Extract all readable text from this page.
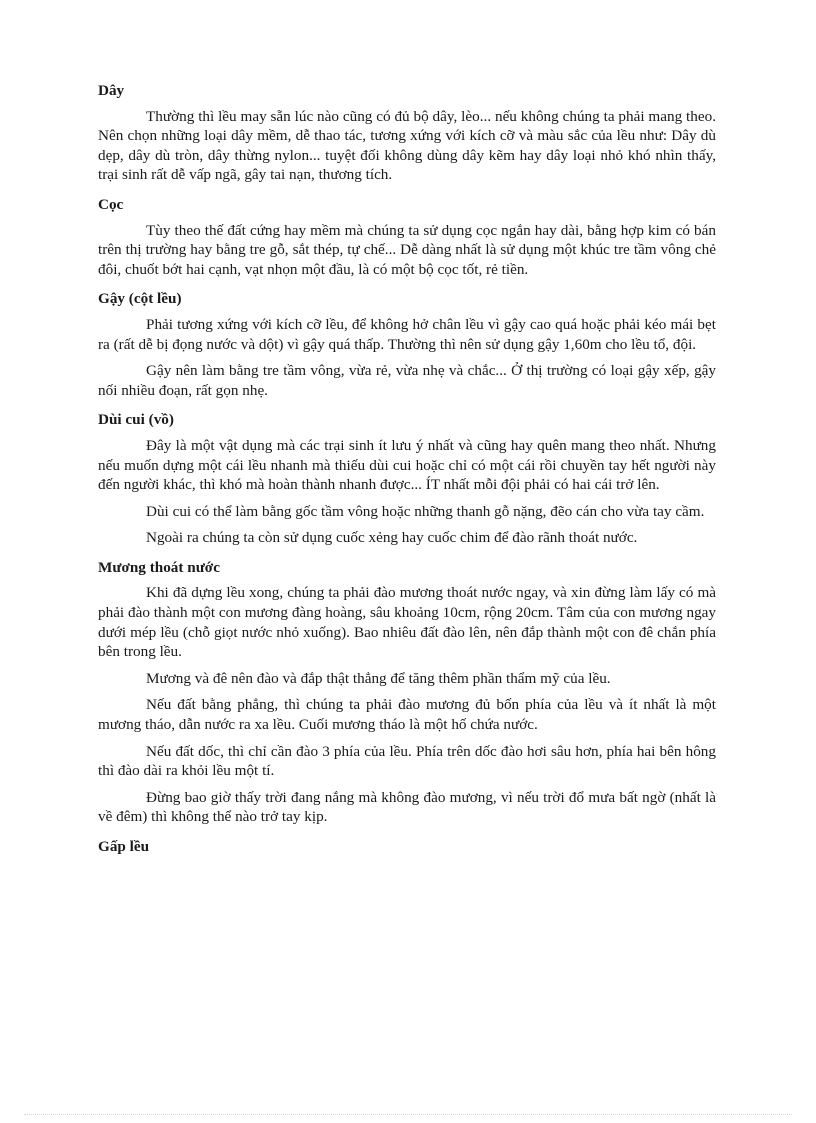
Dây

Thường thì lều may sẵn lúc nào cũng có đủ bộ dây, lèo... nếu không chúng ta phải mang theo. Nên chọn những loại dây mềm, dễ thao tác, tương xứng với kích cỡ và màu sắc của lều như: Dây dù dẹp, dây dù tròn, dây thừng nylon... tuyệt đối không dùng dây kẽm hay dây loại nhỏ khó nhìn thấy, trại sinh rất dễ vấp ngã, gây tai nạn, thương tích.

Cọc

Tùy theo thế đất cứng hay mềm mà chúng ta sử dụng cọc ngắn hay dài, bằng hợp kim có bán trên thị trường hay bằng tre gỗ, sắt thép, tự chế... Dễ dàng nhất là sử dụng một khúc tre tầm vông chẻ đôi, chuốt bớt hai cạnh, vạt nhọn một đầu, là có một bộ cọc tốt, rẻ tiền.

Gậy (cột lều)

Phải tương xứng với kích cỡ lều, để không hở chân lều vì gậy cao quá hoặc phải kéo mái bẹt ra (rất dễ bị đọng nước và dột) vì gậy quá thấp. Thường thì nên sử dụng gậy 1,60m cho lều tổ, đội.

Gậy nên làm bằng tre tầm vông, vừa rẻ, vừa nhẹ và chắc... Ở thị trường có loại gậy xếp, gậy nối nhiều đoạn, rất gọn nhẹ.

Dùi cui (vồ)

Đây là một vật dụng mà các trại sinh ít lưu ý nhất và cũng hay quên mang theo nhất. Nhưng nếu muốn dựng một cái lều nhanh mà thiếu dùi cui hoặc chỉ có một cái rồi chuyền tay hết người này đến người khác, thì khó mà hoàn thành nhanh được... ÍT nhất mỗi đội phải có hai cái trở lên.

Dùi cui có thể làm bằng gốc tầm vông hoặc những thanh gỗ nặng, đẽo cán cho vừa tay cầm.

Ngoài ra chúng ta còn sử dụng cuốc xẻng hay cuốc chim để đào rãnh thoát nước.

Mương thoát nước

Khi đã dựng lều xong, chúng ta phải đào mương thoát nước ngay, và xin đừng làm lấy có mà phải đào thành một con mương đàng hoàng, sâu khoảng 10cm, rộng 20cm. Tâm của con mương ngay dưới mép lều (chỗ giọt nước nhỏ xuống). Bao nhiêu đất đào lên, nên đắp thành một con đê chắn phía bên trong lều.

Mương và đê nên đào và đắp thật thẳng để tăng thêm phần thẩm mỹ của lều.

Nếu đất bằng phẳng, thì chúng ta phải đào mương đủ bốn phía của lều và ít nhất là một mương tháo, dẫn nước ra xa lều. Cuối mương tháo là một hố chứa nước.

Nếu đất dốc, thì chỉ cần đào 3 phía của lều. Phía trên dốc đào hơi sâu hơn, phía hai bên hông thì đào dài ra khỏi lều một tí.

Đừng bao giờ thấy trời đang nắng mà không đào mương, vì nếu trời đổ mưa bất ngờ (nhất là về đêm) thì không thể nào trở tay kịp.

Gấp lều
